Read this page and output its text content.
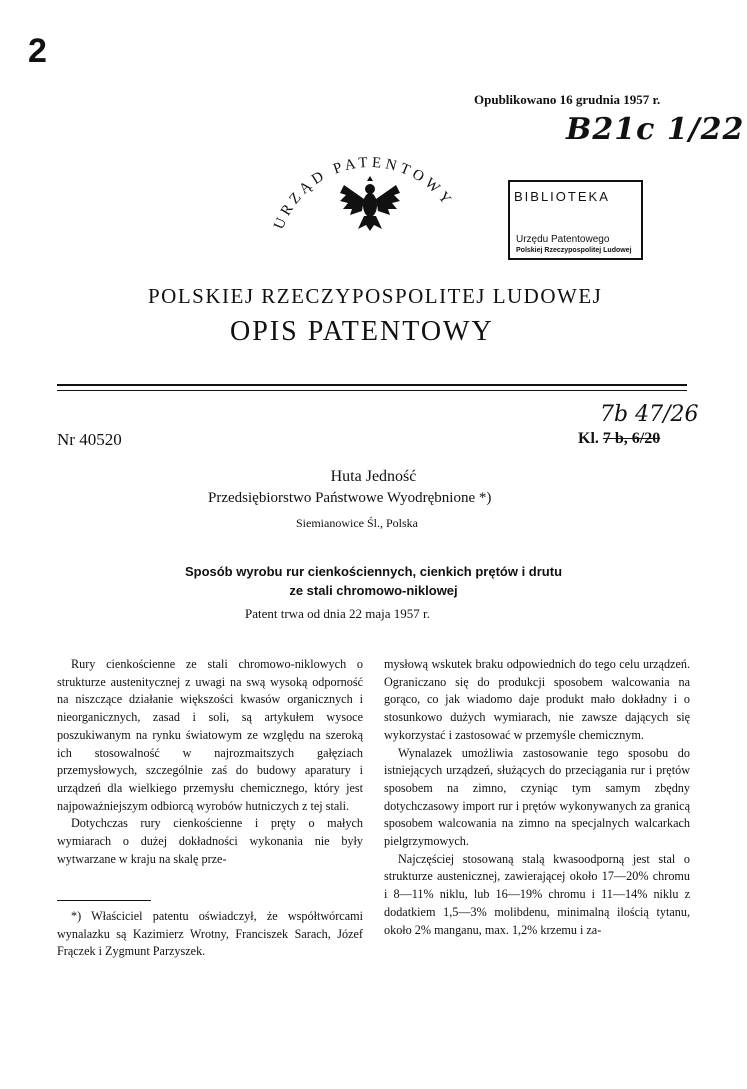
2
Opublikowano 16 grudnia 1957 r.
B21c 1/22
URZĄD PATENTOWY	BIBLIOTEKA
Urzędu Patentowego
Polskiej Rzeczypospolitej Ludowej
POLSKIEJ RZECZYPOSPOLITEJ LUDOWEJ
OPIS PATENTOWY
Nr 40520
7b 47/26
Kl. 7 b, 6/20
Huta Jedność
Przedsiębiorstwo Państwowe Wyodrębnione *)
Siemianowice Śl., Polska
Sposób wyrobu rur cienkościennych, cienkich prętów i drutu
ze stali chromowo-niklowej
Patent trwa od dnia 22 maja 1957 r.

Rury cienkościenne ze stali chromowo-niklowych o strukturze austenitycznej z uwagi na swą wysoką odporność na niszczące działanie większości kwasów organicznych i nieorganicznych, zasad i soli, są artykułem wysoce poszukiwanym na rynku światowym ze względu na szeroką ich stosowalność w najrozmaitszych gałęziach przemysłowych, szczególnie zaś do budowy aparatury i urządzeń dla wielkiego przemysłu chemicznego, który jest najpoważniejszym odbiorcą wyrobów hutniczych z tej stali.

Dotychczas rury cienkościenne i pręty o małych wymiarach o dużej dokładności wykonania nie były wytwarzane w kraju na skalę prze-

mysłową wskutek braku odpowiednich do tego celu urządzeń. Ograniczano się do produkcji sposobem walcowania na gorąco, co jak wiadomo daje produkt mało dokładny i o stosunkowo dużych wymiarach, nie zawsze dających się wykorzystać i zastosować w przemyśle chemicznym.

Wynalazek umożliwia zastosowanie tego sposobu do istniejących urządzeń, służących do przeciągania rur i prętów sposobem na zimno, czyniąc tym samym zbędny dotychczasowy import rur i prętów wykonywanych za granicą sposobem walcowania na zimno na specjalnych walcarkach pielgrzymowych.

Najczęściej stosowaną stalą kwasoodporną jest stal o strukturze austenicznej, zawierającej około 17—20% chromu i 8—11% niklu, lub 16—19% chromu i 11—14% niklu z dodatkiem 1,5—3% molibdenu, minimalną ilością tytanu, około 2% manganu, max. 1,2% krzemu i za-

*) Właściciel patentu oświadczył, że współtwórcami wynalazku są Kazimierz Wrotny, Franciszek Sarach, Józef Frączek i Zygmunt Parzyszek.
